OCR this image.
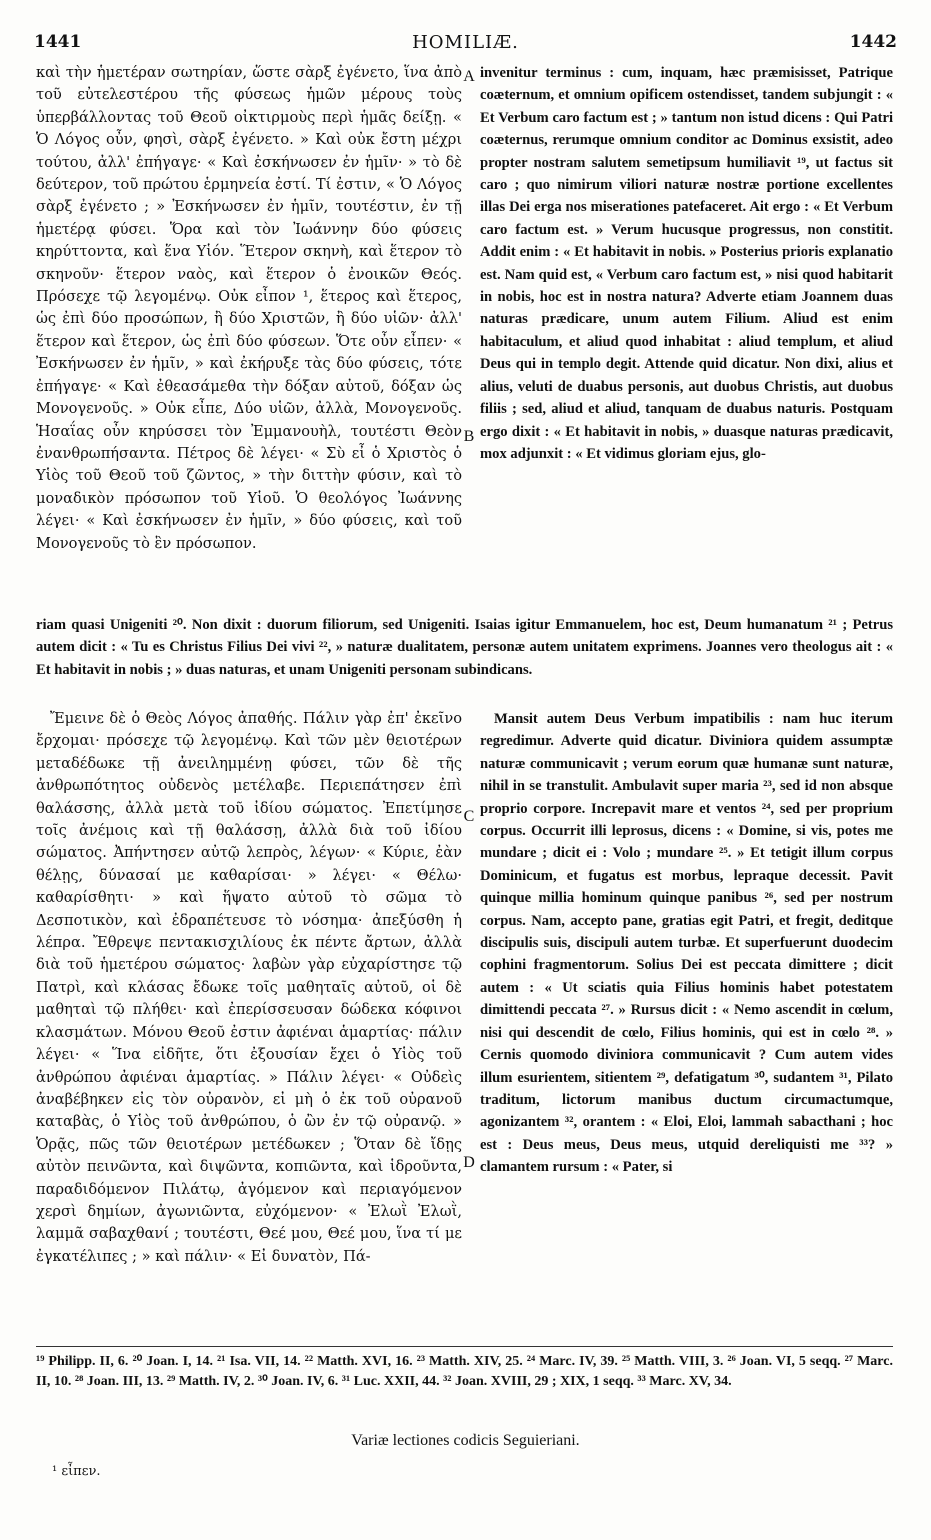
1441	HOMILIÆ.	1442
A
B
C
D

καὶ τὴν ἡμετέραν σωτηρίαν, ὥστε σὰρξ ἐγένετο, ἵνα ἀπὸ τοῦ εὐτελεστέρου τῆς φύσεως ἡμῶν μέρους τοὺς ὑπερβάλλοντας τοῦ Θεοῦ οἰκτιρμοὺς περὶ ἡμᾶς δείξῃ. « Ὁ Λόγος οὖν, φησὶ, σὰρξ ἐγένετο. » Καὶ οὐκ ἔστη μέχρι τούτου, ἀλλ' ἐπήγαγε· « Καὶ ἐσκήνωσεν ἐν ἡμῖν· » τὸ δὲ δεύτερον, τοῦ πρώτου ἑρμηνεία ἐστί. Τί ἐστιν, « Ὁ Λόγος σὰρξ ἐγένετο ; » Ἐσκήνωσεν ἐν ἡμῖν, τουτέστιν, ἐν τῇ ἡμετέρᾳ φύσει. Ὅρα καὶ τὸν Ἰωάννην δύο φύσεις κηρύττοντα, καὶ ἕνα Υἱόν. Ἕτερον σκηνὴ, καὶ ἕτερον τὸ σκηνοῦν· ἕτερον ναὸς, καὶ ἕτερον ὁ ἐνοικῶν Θεός. Πρόσεχε τῷ λεγομένῳ. Οὐκ εἶπον ¹, ἕτερος καὶ ἕτερος, ὡς ἐπὶ δύο προσώπων, ἢ δύο Χριστῶν, ἢ δύο υἱῶν· ἀλλ' ἕτερον καὶ ἕτερον, ὡς ἐπὶ δύο φύσεων. Ὅτε οὖν εἶπεν· « Ἐσκήνωσεν ἐν ἡμῖν, » καὶ ἐκήρυξε τὰς δύο φύσεις, τότε ἐπήγαγε· « Καὶ ἐθεασάμεθα τὴν δόξαν αὐτοῦ, δόξαν ὡς Μονογενοῦς. » Οὐκ εἶπε, Δύο υἱῶν, ἀλλὰ, Μονογενοῦς. Ἡσαΐας οὖν κηρύσσει τὸν Ἐμμανουὴλ, τουτέστι Θεὸν ἐνανθρωπήσαντα. Πέτρος δὲ λέγει· « Σὺ εἶ ὁ Χριστὸς ὁ Υἱὸς τοῦ Θεοῦ τοῦ ζῶντος, » τὴν διττὴν φύσιν, καὶ τὸ μοναδικὸν πρόσωπον τοῦ Υἱοῦ. Ὁ θεολόγος Ἰωάννης λέγει· « Καὶ ἐσκήνωσεν ἐν ἡμῖν, » δύο φύσεις, καὶ τοῦ Μονογενοῦς τὸ ἓν πρόσωπον.

invenitur terminus : cum, inquam, hæc præmisisset, Patrique coæternum, et omnium opificem ostendisset, tandem subjungit : « Et Verbum caro factum est ; » tantum non istud dicens : Qui Patri coæternus, rerumque omnium conditor ac Dominus exsistit, adeo propter nostram salutem semetipsum humiliavit ¹⁹, ut factus sit caro ; quo nimirum viliori naturæ nostræ portione excellentes illas Dei erga nos miserationes patefaceret. Ait ergo : « Et Verbum caro factum est. » Verum hucusque progressus, non constitit. Addit enim : « Et habitavit in nobis. » Posterius prioris explanatio est. Nam quid est, « Verbum caro factum est, » nisi quod habitarit in nobis, hoc est in nostra natura? Adverte etiam Joannem duas naturas prædicare, unum autem Filium. Aliud est enim habitaculum, et aliud quod inhabitat : aliud templum, et aliud Deus qui in templo degit. Attende quid dicatur. Non dixi, alius et alius, veluti de duabus personis, aut duobus Christis, aut duobus filiis ; sed, aliud et aliud, tanquam de duabus naturis. Postquam ergo dixit : « Et habitavit in nobis, » duasque naturas prædicavit, mox adjunxit : « Et vidimus gloriam ejus, glo-

riam quasi Unigeniti ²⁰. Non dixit : duorum filiorum, sed Unigeniti. Isaias igitur Emmanuelem, hoc est, Deum humanatum ²¹ ; Petrus autem dicit : « Tu es Christus Filius Dei vivi ²², » naturæ dualitatem, personæ autem unitatem exprimens. Joannes vero theologus ait : « Et habitavit in nobis ; » duas naturas, et unam Unigeniti personam subindicans.

Ἔμεινε δὲ ὁ Θεὸς Λόγος ἀπαθής. Πάλιν γὰρ ἐπ' ἐκεῖνο ἔρχομαι· πρόσεχε τῷ λεγομένῳ. Καὶ τῶν μὲν θειοτέρων μεταδέδωκε τῇ ἀνειλημμένῃ φύσει, τῶν δὲ τῆς ἀνθρωπότητος οὐδενὸς μετέλαβε. Περιεπάτησεν ἐπὶ θαλάσσης, ἀλλὰ μετὰ τοῦ ἰδίου σώματος. Ἐπετίμησε τοῖς ἀνέμοις καὶ τῇ θαλάσσῃ, ἀλλὰ διὰ τοῦ ἰδίου σώματος. Ἀπήντησεν αὐτῷ λεπρὸς, λέγων· « Κύριε, ἐὰν θέλῃς, δύνασαί με καθαρίσαι· » λέγει· « Θέλω· καθαρίσθητι· » καὶ ἥψατο αὐτοῦ τὸ σῶμα τὸ Δεσποτικὸν, καὶ ἐδραπέτευσε τὸ νόσημα· ἀπεξύσθη ἡ λέπρα. Ἔθρεψε πεντακισχιλίους ἐκ πέντε ἄρτων, ἀλλὰ διὰ τοῦ ἡμετέρου σώματος· λαβὼν γὰρ εὐχαρίστησε τῷ Πατρὶ, καὶ κλάσας ἔδωκε τοῖς μαθηταῖς αὐτοῦ, οἱ δὲ μαθηταὶ τῷ πλήθει· καὶ ἐπερίσσευσαν δώδεκα κόφινοι κλασμάτων. Μόνου Θεοῦ ἐστιν ἀφιέναι ἁμαρτίας· πάλιν λέγει· « Ἵνα εἰδῆτε, ὅτι ἐξουσίαν ἔχει ὁ Υἱὸς τοῦ ἀνθρώπου ἀφιέναι ἁμαρτίας. » Πάλιν λέγει· « Οὐδεὶς ἀναβέβηκεν εἰς τὸν οὐρανὸν, εἰ μὴ ὁ ἐκ τοῦ οὐρανοῦ καταβὰς, ὁ Υἱὸς τοῦ ἀνθρώπου, ὁ ὢν ἐν τῷ οὐρανῷ. » Ὁρᾷς, πῶς τῶν θειοτέρων μετέδωκεν ; Ὅταν δὲ ἴδῃς αὐτὸν πεινῶντα, καὶ διψῶντα, κοπιῶντα, καὶ ἱδροῦντα, παραδιδόμενον Πιλάτῳ, ἀγόμενον καὶ περιαγόμενον χερσὶ δημίων, ἀγωνιῶντα, εὐχόμενον· « Ἐλωῒ Ἐλωῒ, λαμμᾶ σαβαχθανί ; τουτέστι, Θεέ μου, Θεέ μου, ἵνα τί με ἐγκατέλιπες ; » καὶ πάλιν· « Εἰ δυνατὸν, Πά-

Mansit autem Deus Verbum impatibilis : nam huc iterum regredimur. Adverte quid dicatur. Diviniora quidem assumptæ naturæ communicavit ; verum eorum quæ humanæ sunt naturæ, nihil in se transtulit. Ambulavit super maria ²³, sed id non absque proprio corpore. Increpavit mare et ventos ²⁴, sed per proprium corpus. Occurrit illi leprosus, dicens : « Domine, si vis, potes me mundare ; dicit ei : Volo ; mundare ²⁵. » Et tetigit illum corpus Dominicum, et fugatus est morbus, lepraque decessit. Pavit quinque millia hominum quinque panibus ²⁶, sed per nostrum corpus. Nam, accepto pane, gratias egit Patri, et fregit, deditque discipulis suis, discipuli autem turbæ. Et superfuerunt duodecim cophini fragmentorum. Solius Dei est peccata dimittere ; dicit autem : « Ut sciatis quia Filius hominis habet potestatem dimittendi peccata ²⁷. » Rursus dicit : « Nemo ascendit in cœlum, nisi qui descendit de cœlo, Filius hominis, qui est in cœlo ²⁸. » Cernis quomodo diviniora communicavit ? Cum autem vides illum esurientem, sitientem ²⁹, defatigatum ³⁰, sudantem ³¹, Pilato traditum, lictorum manibus ductum circumactumque, agonizantem ³², orantem : « Eloi, Eloi, lammah sabacthani ; hoc est : Deus meus, Deus meus, utquid dereliquisti me ³³? » clamantem rursum : « Pater, si

¹⁹ Philipp. II, 6. ²⁰ Joan. I, 14. ²¹ Isa. VII, 14. ²² Matth. XVI, 16. ²³ Matth. XIV, 25. ²⁴ Marc. IV, 39. ²⁵ Matth. VIII, 3. ²⁶ Joan. VI, 5 seqq. ²⁷ Marc. II, 10. ²⁸ Joan. III, 13. ²⁹ Matth. IV, 2. ³⁰ Joan. IV, 6. ³¹ Luc. XXII, 44. ³² Joan. XVIII, 29 ; XIX, 1 seqq. ³³ Marc. XV, 34.
Variæ lectiones codicis Seguieriani.
¹ εἶπεν.
